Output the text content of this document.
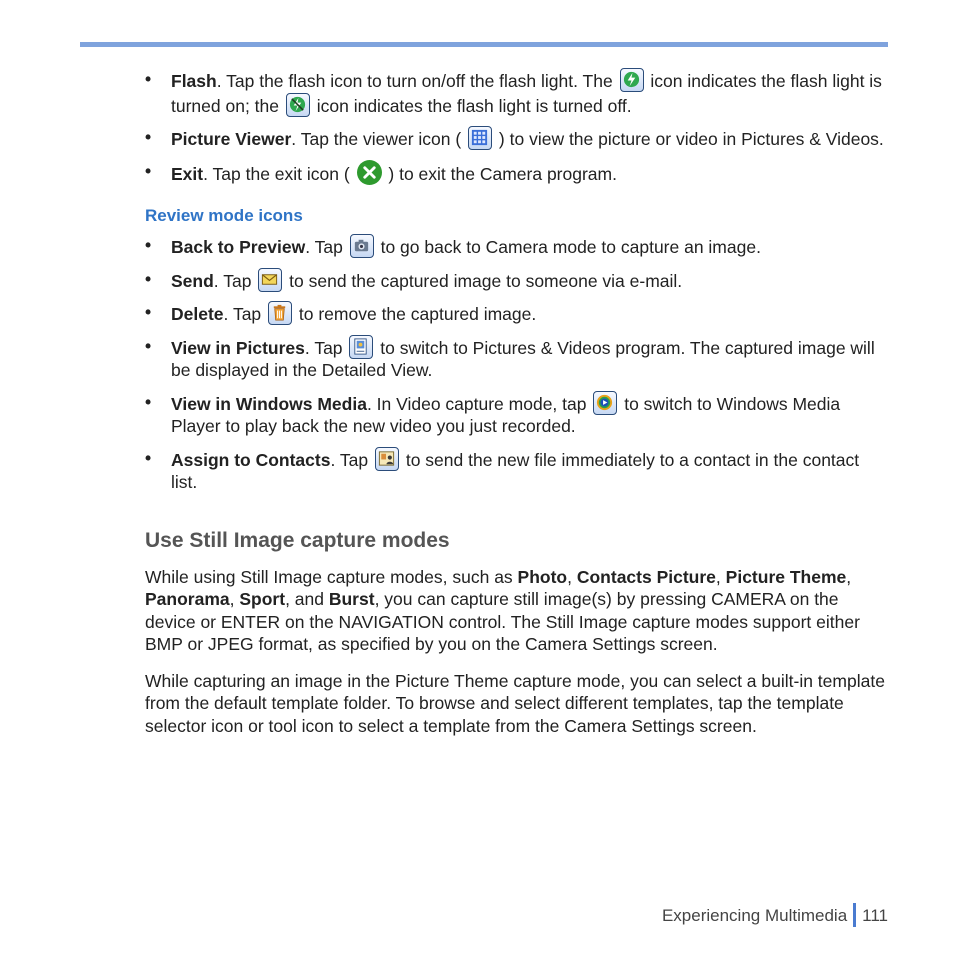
• Flash. Tap the flash icon to turn on/off the flash light. The
icon indicates the flash light is turned on; the
icon indicates the flash light is turned off.
• Picture Viewer. Tap the viewer icon (
) to view the picture or video in Pictures & Videos.
• Exit. Tap the exit icon (
) to exit the Camera program.
Review mode icons
• Back to Preview. Tap
to go back to Camera mode to capture an image.
• Send. Tap
to send the captured image to someone via e-mail.
• Delete. Tap
to remove the captured image.
• View in Pictures. Tap
to switch to Pictures & Videos program. The captured image will be displayed in the Detailed View.
• View in Windows Media. In Video capture mode, tap
to switch to Windows Media Player to play back the new video you just recorded.
• Assign to Contacts. Tap
to send the new file immediately to a contact in the contact list.
Use Still Image capture modes

While using Still Image capture modes, such as Photo, Contacts Picture, Picture Theme, Panorama, Sport, and Burst, you can capture still image(s) by pressing CAMERA on the device or ENTER on the NAVIGATION control. The Still Image capture modes support either BMP or JPEG format, as specified by you on the Camera Settings screen.

While capturing an image in the Picture Theme capture mode, you can select a built-in template from the default template folder. To browse and select different templates, tap the template selector icon or tool icon to select a template from the Camera Settings screen.

Experiencing Multimedia 111
